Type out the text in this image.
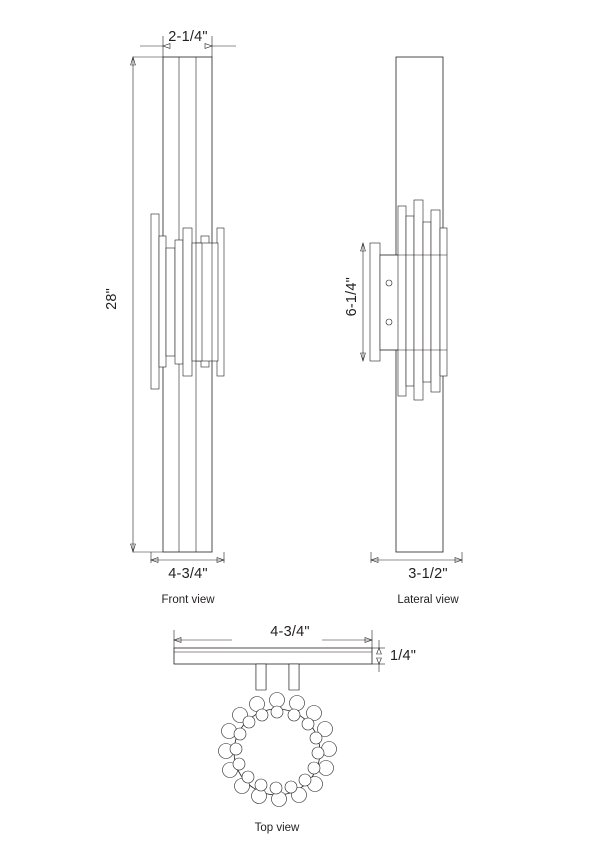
2-1/4"
28"
4-3/4"
Front view
6-1/4"
3-1/2"
Lateral view
4-3/4"
1/4"
Top view
